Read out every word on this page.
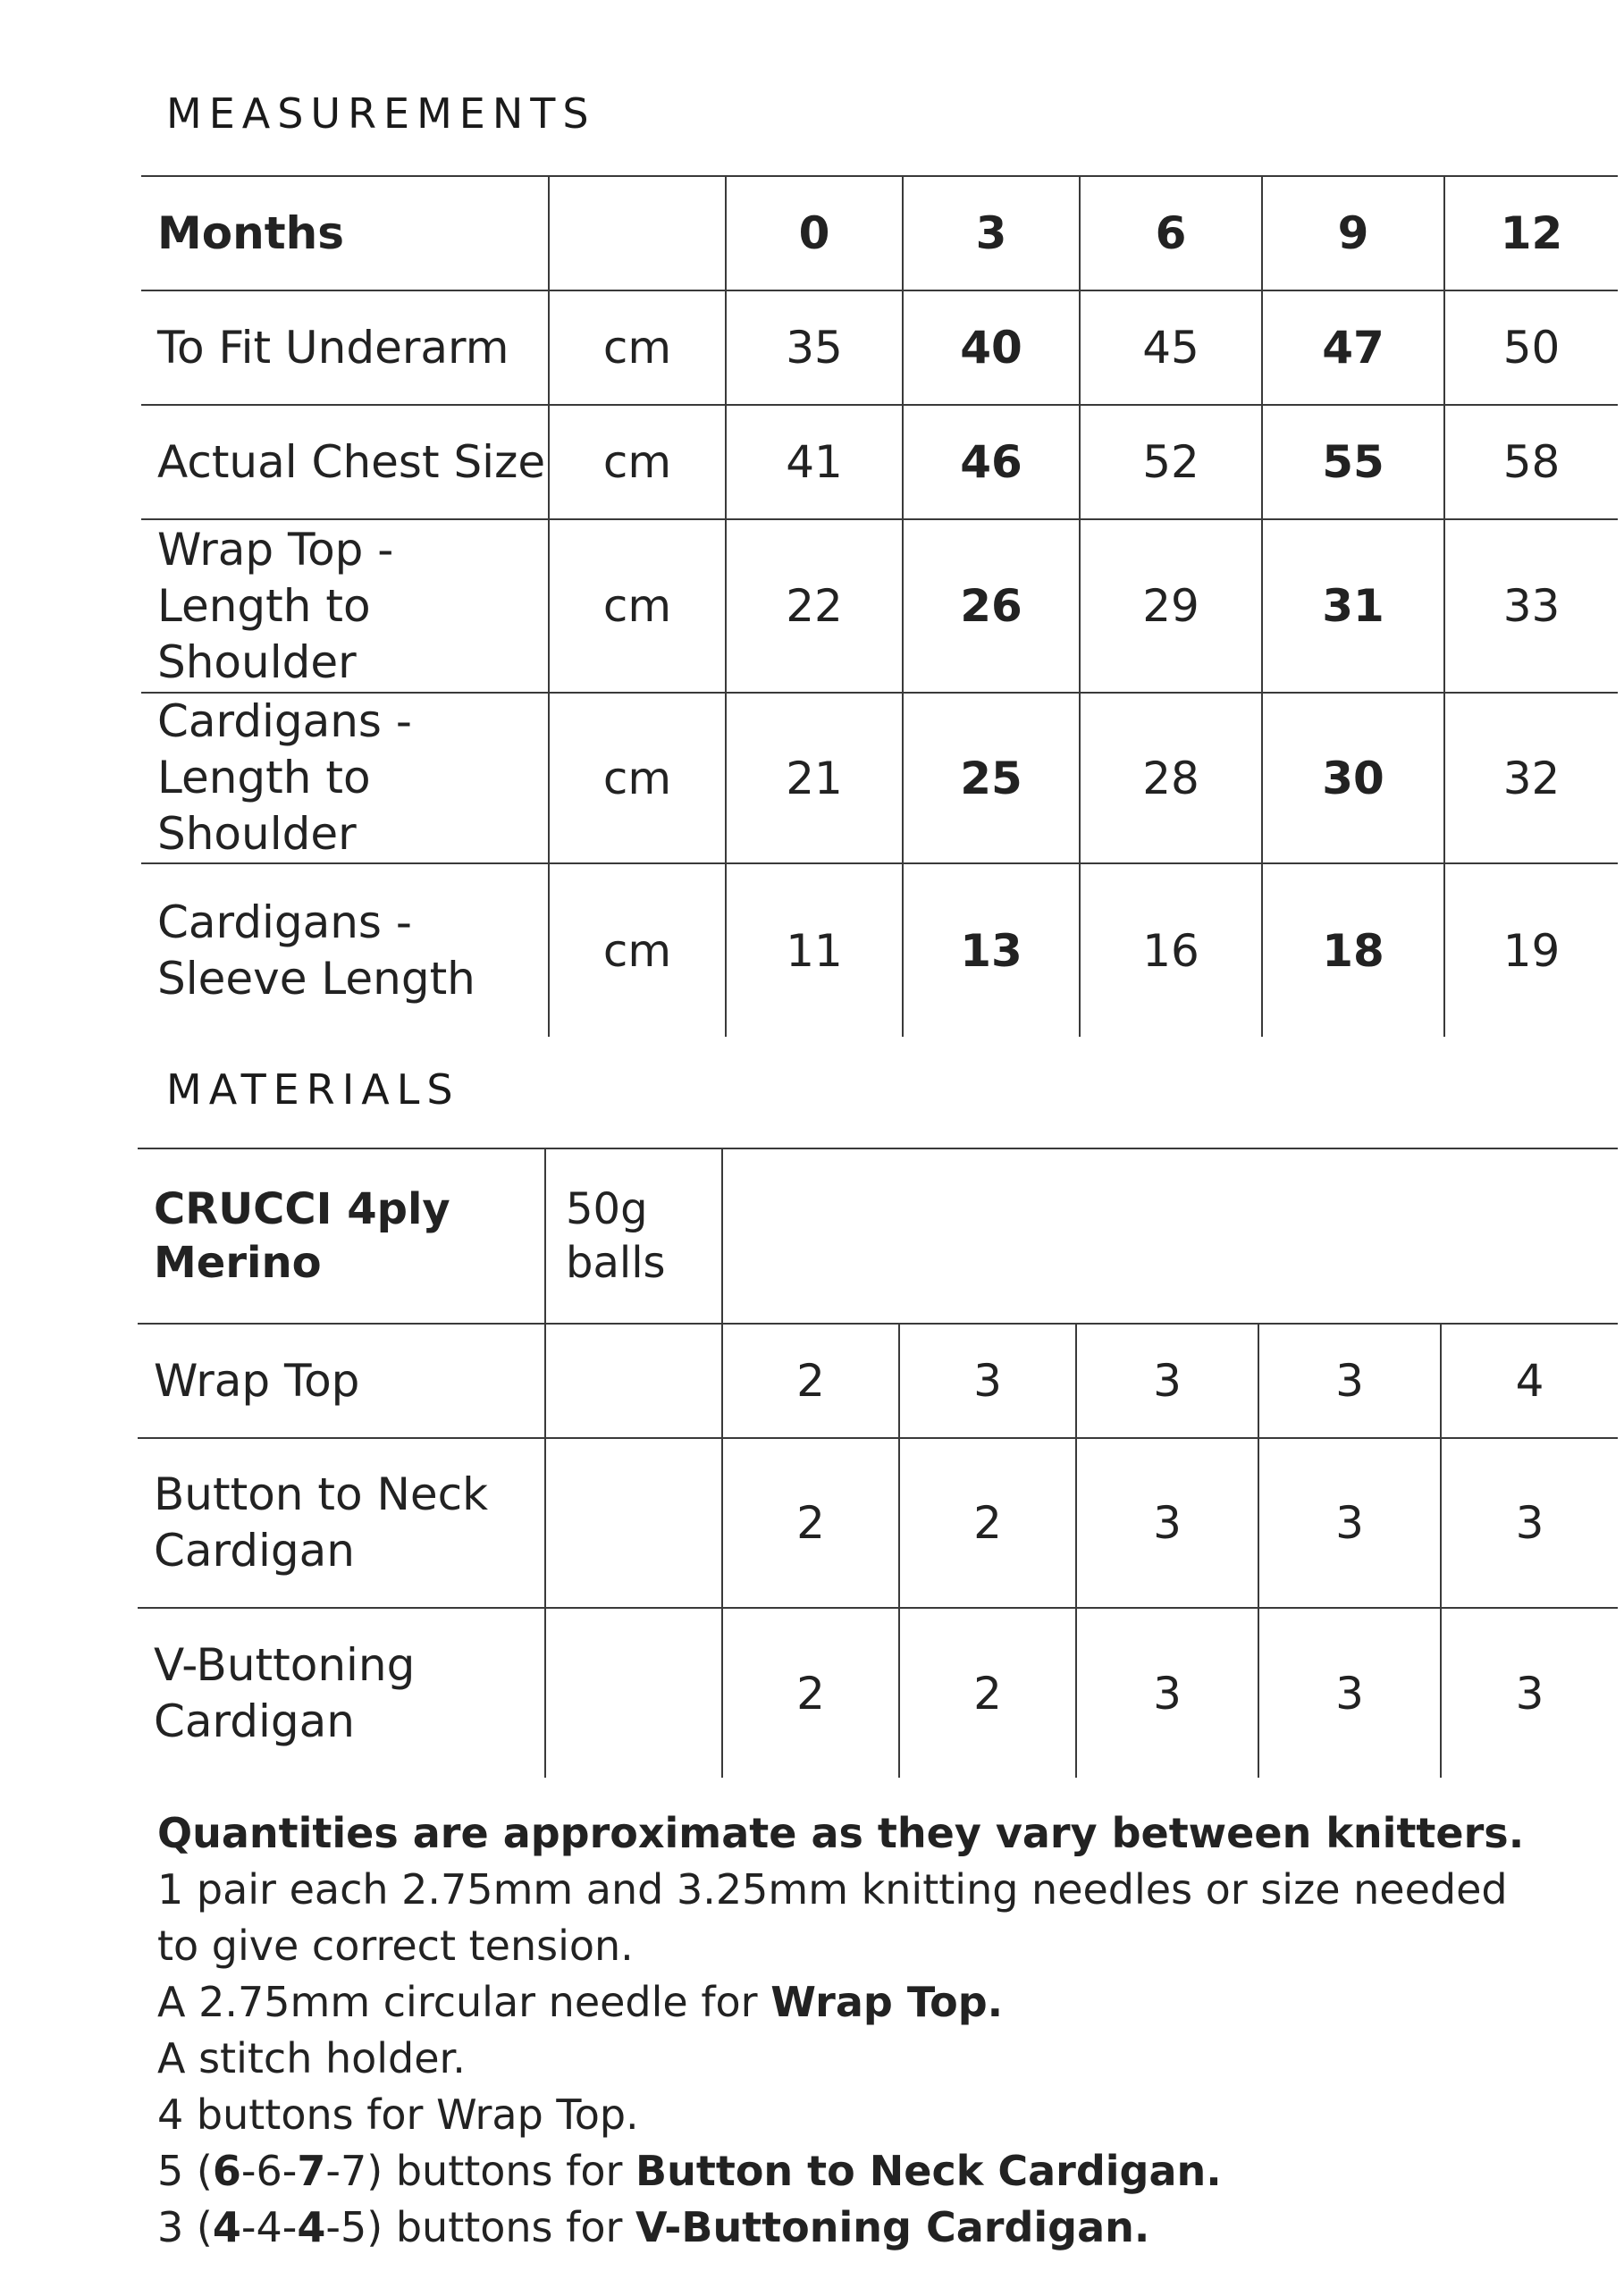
MEASUREMENTS
Months		0	3	6	9	12
To Fit Underarm	cm	35	40	45	47	50
Actual Chest Size	cm	41	46	52	55	58
Wrap Top - Length to Shoulder	cm	22	26	29	31	33
Cardigans - Length to Shoulder	cm	21	25	28	30	32
Cardigans - Sleeve Length	cm	11	13	16	18	19
MATERIALS
CRUCCI 4ply Merino	50g balls					
Wrap Top		2	3	3	3	4
Button to Neck Cardigan		2	2	3	3	3
V-Buttoning Cardigan		2	2	3	3	3
Quantities are approximate as they vary between knitters.
1 pair each 2.75mm and 3.25mm knitting needles or size needed to give correct tension.
A 2.75mm circular needle for Wrap Top.
A stitch holder.
4 buttons for Wrap Top.
5 (6-6-7-7) buttons for Button to Neck Cardigan.
3 (4-4-4-5) buttons for V-Buttoning Cardigan.
